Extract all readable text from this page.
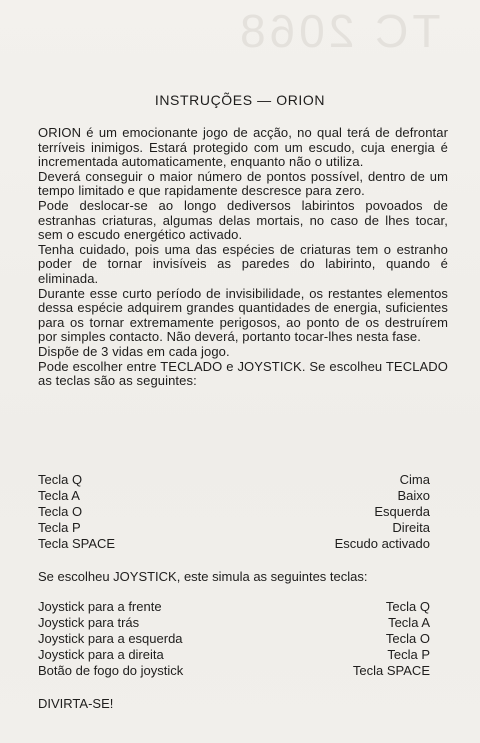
TC 2068
INSTRUÇÕES — ORION

ORION é um emocionante jogo de acção, no qual terá de defrontar terríveis inimigos. Estará protegido com um escudo, cuja energia é incrementada automaticamente, enquanto não o utiliza.

Deverá conseguir o maior número de pontos possível, dentro de um tempo limitado e que rapidamente descresce para zero.

Pode deslocar-se ao longo dediversos labirintos povoados de estranhas criaturas, algumas delas mortais, no caso de lhes tocar, sem o escudo energético activado.

Tenha cuidado, pois uma das espécies de criaturas tem o estranho poder de tornar invisíveis as paredes do labirinto, quando é eliminada.

Durante esse curto período de invisibilidade, os restantes elementos dessa espécie adquirem grandes quantidades de energia, suficientes para os tornar extremamente perigosos, ao ponto de os destruírem por simples contacto. Não deverá, portanto tocar-lhes nesta fase.

Dispõe de 3 vidas em cada jogo.

Pode escolher entre TECLADO e JOYSTICK. Se escolheu TECLADO as teclas são as seguintes:

Tecla Q	Cima
Tecla A	Baixo
Tecla O	Esquerda
Tecla P	Direita
Tecla SPACE	Escudo activado
Se escolheu JOYSTICK, este simula as seguintes teclas:
Joystick para a frente	Tecla Q
Joystick para trás	Tecla A
Joystick para a esquerda	Tecla O
Joystick para a direita	Tecla P
Botão de fogo do joystick	Tecla SPACE
DIVIRTA-SE!
